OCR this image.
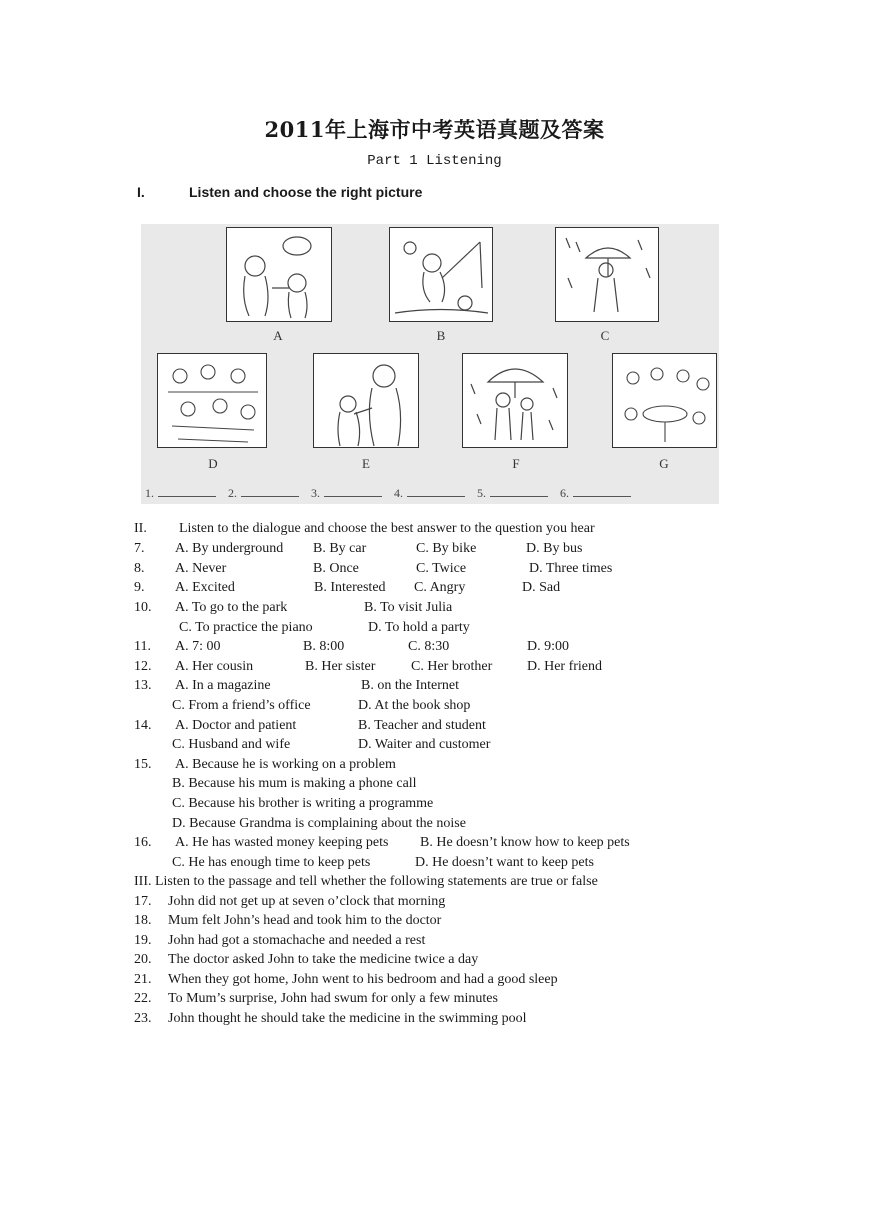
2011年上海市中考英语真题及答案
Part 1 Listening
I.	Listen and choose the right picture
A	B	C
D	E	F	G
1.	2.	3.	4.	5.	6.
II. Listen to the dialogue and choose the best answer to the question you hear
7. A. By underground B. By car	C. By bike	D. By bus
8. A. Never	B. Once	C. Twice	D. Three times
9. A. Excited	B. Interested C. Angry	D. Sad
10. A. To go to the park	B. To visit Julia
C. To practice the piano	D. To hold a party
11. A. 7: 00	B. 8:00	C. 8:30	D. 9:00
12. A. Her cousin	B. Her sister	C. Her brother D. Her friend
13. A. In a magazine	B. on the Internet
C. From a friend’s office	D. At the book shop
14. A. Doctor and patient	B. Teacher and student
C. Husband and wife	D. Waiter and customer
15. A. Because he is working on a problem
B. Because his mum is making a phone call
C. Because his brother is writing a programme
D. Because Grandma is complaining about the noise
16. A. He has wasted money keeping pets B. He doesn’t know how to keep pets
C. He has enough time to keep pets	D. He doesn’t want to keep pets
III. Listen to the passage and tell whether the following statements are true or false
17. John did not get up at seven o’clock that morning
18. Mum felt John’s head and took him to the doctor
19. John had got a stomachache and needed a rest
20. The doctor asked John to take the medicine twice a day
21. When they got home, John went to his bedroom and had a good sleep
22. To Mum’s surprise, John had swum for only a few minutes
23. John thought he should take the medicine in the swimming pool
